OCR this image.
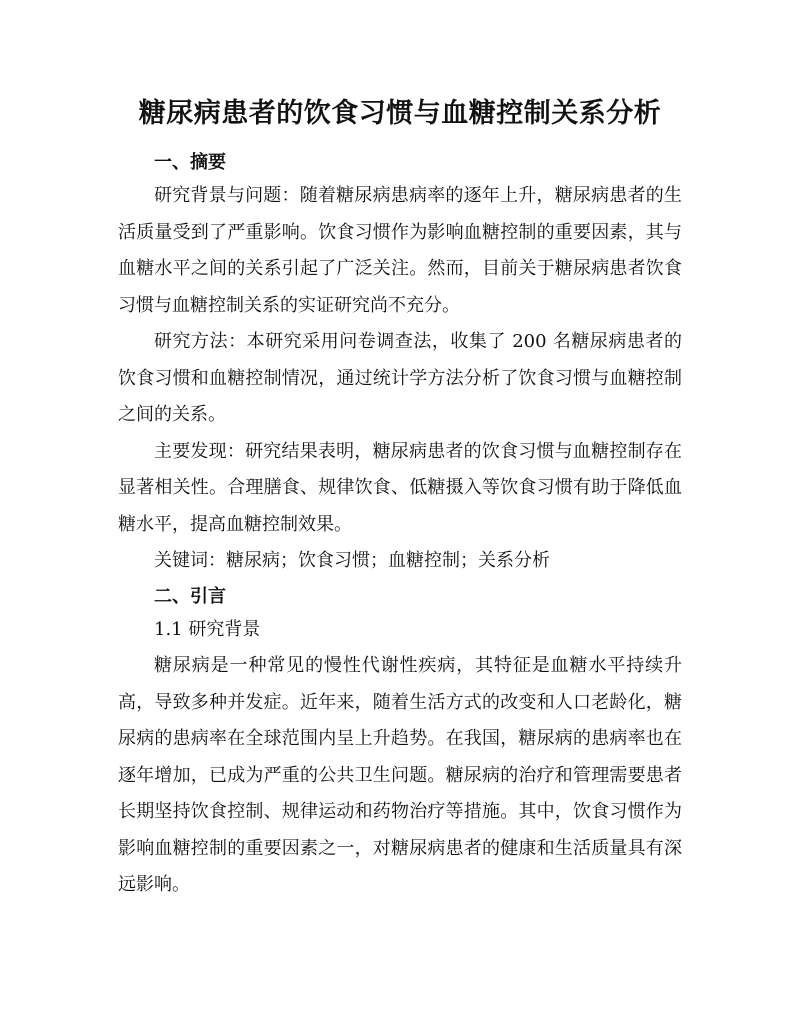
糖尿病患者的饮食习惯与血糖控制关系分析
一、摘要

研究背景与问题：随着糖尿病患病率的逐年上升，糖尿病患者的生活质量受到了严重影响。饮食习惯作为影响血糖控制的重要因素，其与血糖水平之间的关系引起了广泛关注。然而，目前关于糖尿病患者饮食习惯与血糖控制关系的实证研究尚不充分。

研究方法：本研究采用问卷调查法，收集了 200 名糖尿病患者的饮食习惯和血糖控制情况，通过统计学方法分析了饮食习惯与血糖控制之间的关系。

主要发现：研究结果表明，糖尿病患者的饮食习惯与血糖控制存在显著相关性。合理膳食、规律饮食、低糖摄入等饮食习惯有助于降低血糖水平，提高血糖控制效果。

关键词：糖尿病；饮食习惯；血糖控制；关系分析

二、引言
1.1 研究背景

糖尿病是一种常见的慢性代谢性疾病，其特征是血糖水平持续升高，导致多种并发症。近年来，随着生活方式的改变和人口老龄化，糖尿病的患病率在全球范围内呈上升趋势。在我国，糖尿病的患病率也在逐年增加，已成为严重的公共卫生问题。糖尿病的治疗和管理需要患者长期坚持饮食控制、规律运动和药物治疗等措施。其中，饮食习惯作为影响血糖控制的重要因素之一，对糖尿病患者的健康和生活质量具有深远影响。
